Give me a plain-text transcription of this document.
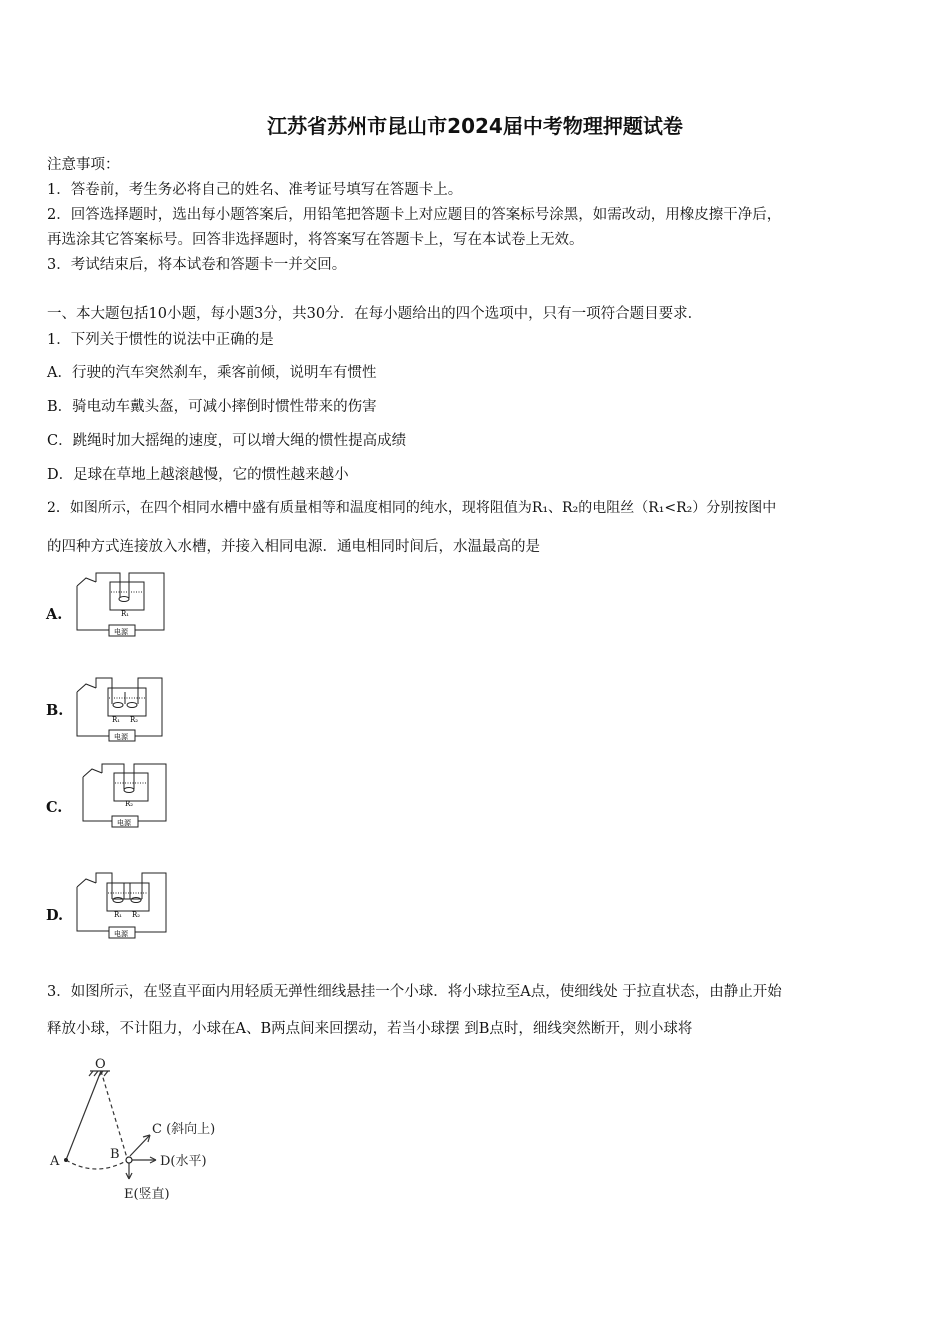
江苏省苏州市昆山市2024届中考物理押题试卷
注意事项：
1．答卷前，考生务必将自己的姓名、准考证号填写在答题卡上。
2．回答选择题时，选出每小题答案后，用铅笔把答题卡上对应题目的答案标号涂黑，如需改动，用橡皮擦干净后，
再选涂其它答案标号。回答非选择题时，将答案写在答题卡上，写在本试卷上无效。
3．考试结束后，将本试卷和答题卡一并交回。
一、本大题包括10小题，每小题3分，共30分．在每小题给出的四个选项中，只有一项符合题目要求．
1．下列关于惯性的说法中正确的是
A．行驶的汽车突然刹车，乘客前倾，说明车有惯性
B．骑电动车戴头盔，可减小摔倒时惯性带来的伤害
C．跳绳时加大摇绳的速度，可以增大绳的惯性提高成绩
D．足球在草地上越滚越慢，它的惯性越来越小
2．如图所示，在四个相同水槽中盛有质量相等和温度相同的纯水，现将阻值为R₁、R₂的电阻丝（R₁<R₂）分别按图中
的四种方式连接放入水槽，并接入相同电源．通电相同时间后，水温最高的是
A.	R₁
电源
B.
R₁ R₂
电源
C.	R₂
电源
D.	R₁ R₂
电源
3．如图所示，在竖直平面内用轻质无弹性细线悬挂一个小球．将小球拉至A点，使细线处 于拉直状态，由静止开始
释放小球，不计阻力，小球在A、B两点间来回摆动，若当小球摆 到B点时，细线突然断开，则小球将
O
A	B
C (斜向上)
D(水平)
E(竖直)
